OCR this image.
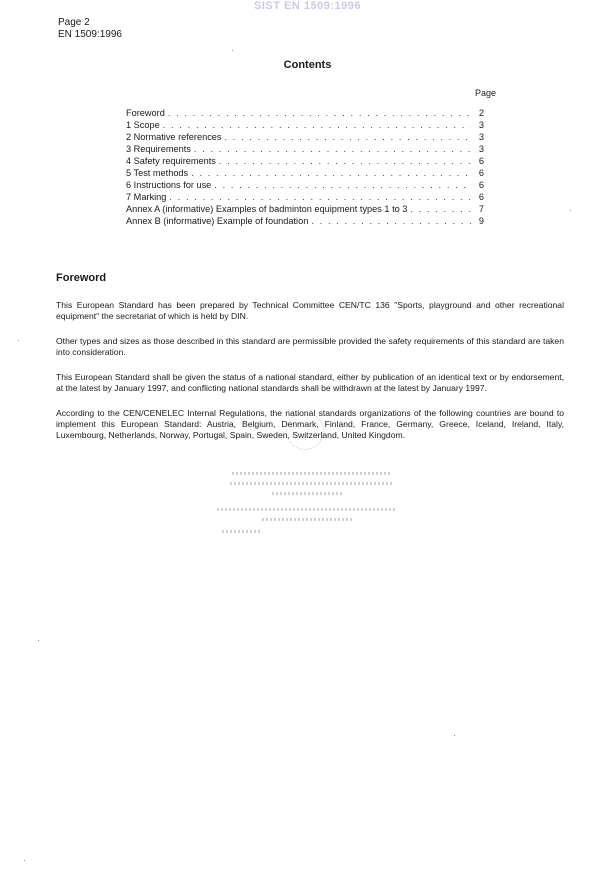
SIST EN 1509:1996
Page 2
EN 1509:1996
Contents
Page
Foreword . . .	2
1 Scope . . .	3
2 Normative references . . .	3
3 Requirements . . .	3
4 Safety requirements . . .	6
5 Test methods . . .	6
6 Instructions for use . . .	6
7 Marking . . .	6
Annex A (informative) Examples of badminton equipment types 1 to 3 . . .	7
Annex B (informative) Example of foundation . . .	9
Foreword

This European Standard has been prepared by Technical Committee CEN/TC 136 "Sports, playground and other recreational equipment" the secretariat of which is held by DIN.

Other types and sizes as those described in this standard are permissible provided the safety requirements of this standard are taken into consideration.

This European Standard shall be given the status of a national standard, either by publication of an identical text or by endorsement, at the latest by January 1997, and conflicting national standards shall be withdrawn at the latest by January 1997.

According to the CEN/CENELEC Internal Regulations, the national standards organizations of the following countries are bound to implement this European Standard: Austria, Belgium, Denmark, Finland, France, Germany, Greece, Iceland, Ireland, Italy, Luxembourg, Netherlands, Norway, Portugal, Spain, Sweden, Switzerland, United Kingdom.
